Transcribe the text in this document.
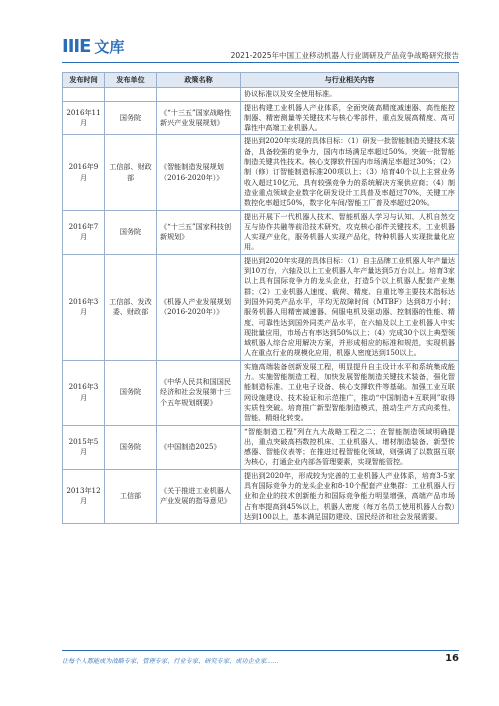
IIIE 文库	2021-2025年中国工业移动机器人行业调研及产品竞争战略研究报告
发布时间	发布单位	政策名称	与行业相关内容
			协议标准以及安全使用标准。
2016年11月	国务院	《“十三五”国家战略性新兴产业发展规划》	提出构建工业机器人产业体系，全面突破高精度减速器、高性能控制器、精密测量等关键技术与核心零部件，重点发展高精度、高可靠性中高端工业机器人。
2016年9月	工信部、财政部	《智能制造发展规划（2016-2020年）》	提出到2020年实现的具体目标：（1）研发一批智能制造关键技术装备，具备较强的竞争力，国内市场满足率超过50%。突破一批智能制造关键共性技术。核心支撑软件国内市场满足率超过30%；（2）制（修）订智能制造标准200项以上；（3）培育40个以上主营业务收入超过10亿元、具有较强竞争力的系统解决方案供应商；（4）制造业重点领域企业数字化研发设计工具普及率超过70%，关键工序数控化率超过50%，数字化车间/智能工厂普及率超过20%。
2016年7月	国务院	《“十三五”国家科技创新规划》	提出开展下一代机器人技术、智能机器人学习与认知、人机自然交互与协作共融等前沿技术研究，攻克核心部件关键技术，工业机器人实现产业化，服务机器人实现产品化，特种机器人实现批量化应用。
2016年3月	工信部、发改委、财政部	《机器人产业发展规划（2016-2020年）》	提出到2020年实现的具体目标：（1）自主品牌工业机器人年产量达到10万台，六轴及以上工业机器人年产量达到5万台以上。培育3家以上具有国际竞争力的龙头企业，打造5个以上机器人配套产业集群；（2）工业机器人速度、载荷、精度、自重比等主要技术指标达到国外同类产品水平，平均无故障时间（MTBF）达到8万小时；服务机器人用精密减速器、伺服电机及驱动器、控制器的性能、精度、可靠性达到国外同类产品水平，在六轴及以上工业机器人中实现批量应用，市场占有率达到50%以上；（4）完成30个以上典型领域机器人综合应用解决方案，并形成相应的标准和规范，实现机器人在重点行业的规模化应用，机器人密度达到150以上。
2016年3月	国务院	《中华人民共和国国民经济和社会发展第十三个五年规划纲要》	实施高端装备创新发展工程，明显提升自主设计水平和系统集成能力。实施智能制造工程，加快发展智能制造关键技术装备，强化智能制造标准、工业电子设备、核心支撑软件等基础。加强工业互联网设施建设、技术验证和示范推广，推动“中国制造+互联网”取得实质性突破。培育推广新型智能制造模式，推动生产方式向柔性、智能、精细化转变。
2015年5月	国务院	《中国制造2025》	“智能制造工程”列在九大战略工程之二；在智能制造领域明确提出，重点突破高档数控机床、工业机器人、增材制造装备、新型传感器、智能仪表等；在推进过程智能化领域，则强调了以数据互联为核心，打通企业内部各管理要素，实现智能管控。
2013年12月	工信部	《关于推进工业机器人产业发展的指导意见》	提出到2020年，形成较为完善的工业机器人产业体系，培育3-5家具有国际竞争力的龙头企业和8-10个配套产业集群：工业机器人行业和企业的技术创新能力和国际竞争能力明显增强，高端产品市场占有率提高到45%以上，机器人密度（每万名员工使用机器人台数）达到100以上，基本满足国防建设、国民经济和社会发展需要。
让每个人都能成为战略专家、管理专家、行业专家、研究专家、成功企业家……	16
